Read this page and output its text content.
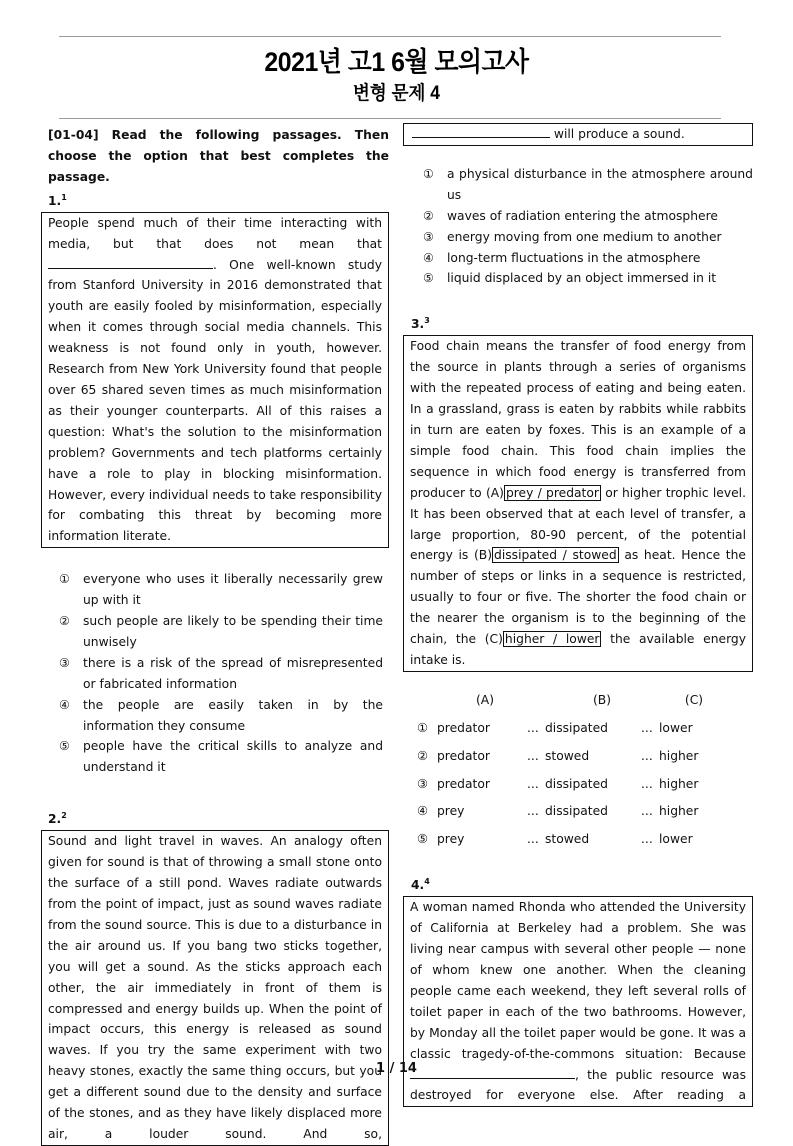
2021년 고1 6월 모의고사
변형 문제 4
[01-04] Read the following passages. Then choose the option that best completes the passage.
1.$^1$
People spend much of their time interacting with media, but that does not mean that . One well-known study from Stanford University in 2016 demonstrated that youth are easily fooled by misinformation, especially when it comes through social media channels. This weakness is not found only in youth, however. Research from New York University found that people over 65 shared seven times as much misinformation as their younger counterparts. All of this raises a question: What's the solution to the misinformation problem? Governments and tech platforms certainly have a role to play in blocking misinformation. However, every individual needs to take responsibility for combating this threat by becoming more information literate.
①	everyone who uses it liberally necessarily grew up with it
②	such people are likely to be spending their time unwisely
③	there is a risk of the spread of misrepresented or fabricated information
④	the people are easily taken in by the information they consume
⑤	people have the critical skills to analyze and understand it
2.$^2$
Sound and light travel in waves. An analogy often given for sound is that of throwing a small stone onto the surface of a still pond. Waves radiate outwards from the point of impact, just as sound waves radiate from the sound source. This is due to a disturbance in the air around us. If you bang two sticks together, you will get a sound. As the sticks approach each other, the air immediately in front of them is compressed and energy builds up. When the point of impact occurs, this energy is released as sound waves. If you try the same experiment with two heavy stones, exactly the same thing occurs, but you get a different sound due to the density and surface of the stones, and as they have likely displaced more air, a louder sound. And so,
will produce a sound.
①	a physical disturbance in the atmosphere around us
②	waves of radiation entering the atmosphere
③	energy moving from one medium to another
④	long-term fluctuations in the atmosphere
⑤	liquid displaced by an object immersed in it
3.$^3$
Food chain means the transfer of food energy from the source in plants through a series of organisms with the repeated process of eating and being eaten. In a grassland, grass is eaten by rabbits while rabbits in turn are eaten by foxes. This is an example of a simple food chain. This food chain implies the sequence in which food energy is transferred from producer to (A) prey / predator or higher trophic level. It has been observed that at each level of transfer, a large proportion, 80-90 percent, of the potential energy is (B) dissipated / stowed as heat. Hence the number of steps or links in a sequence is restricted, usually to four or five. The shorter the food chain or the nearer the organism is to the beginning of the chain, the (C) higher / lower the available energy intake is.
(A)	(B)	(C)
① predator	... dissipated	... lower
② predator	... stowed	... higher
③ predator	... dissipated	... higher
④ prey	... dissipated	... higher
⑤ prey	... stowed	... lower
4.$^4$
A woman named Rhonda who attended the University of California at Berkeley had a problem. She was living near campus with several other people — none of whom knew one another. When the cleaning people came each weekend, they left several rolls of toilet paper in each of the two bathrooms. However, by Monday all the toilet paper would be gone. It was a classic tragedy-of-the-commons situation: Because , the public resource was destroyed for everyone else. After reading a
1 / 14
